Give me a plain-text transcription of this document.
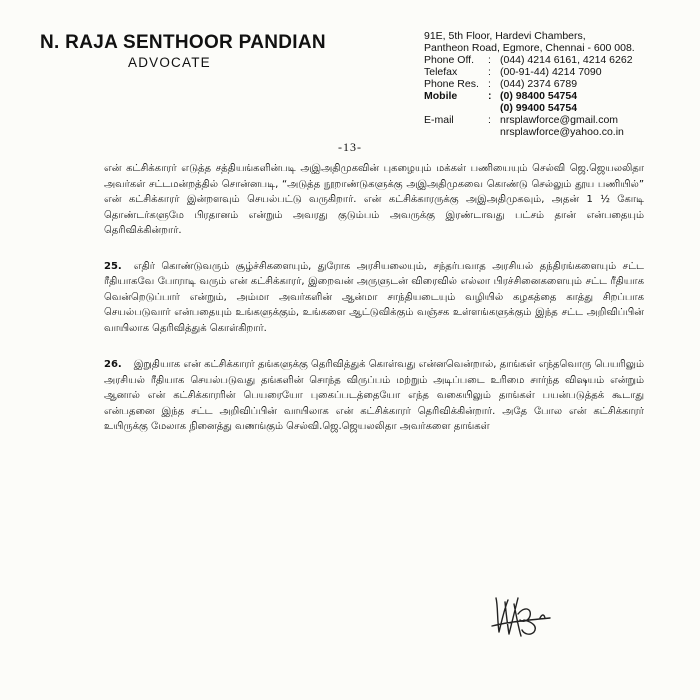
N. RAJA SENTHOOR PANDIAN
ADVOCATE
91E, 5th Floor, Hardevi Chambers,
Pantheon Road, Egmore, Chennai - 600 008.
Phone Off.	: (044) 4214 6161, 4214 6262
Telefax	: (00-91-44) 4214 7090
Phone Res. : (044) 2374 6789
Mobile	: (0) 98400 54754
(0) 99400 54754
E-mail	: nrsplawforce@gmail.com
nrsplawforce@yahoo.co.in
-13-
என் கட்சிக்காரர் எடுத்த சத்தியங்களின்படி அஇஅதிமுகவின் புகழையும் மக்கள் பணியையும் செல்வி ஜெ.ஜெயலலிதா அவர்கள் சட்டமன்றத்தில் சொன்னபடி, “அடுத்த நூறாண்டுகளுக்கு அஇஅதிமுகவை கொண்டு செல்லும் தூய பணியில்” என் கட்சிக்காரர் இன்றளவும் செயல்பட்டு வருகிறார். என் கட்சிக்காரருக்கு அஇஅதிமுகவும், அதன் 1 ½ கோடி தொண்டர்களுமே பிரதானம் என்றும் அவரது குடும்பம் அவருக்கு இரண்டாவது பட்சம் தான் என்பதையும் தெரிவிக்கின்றார்.
25. எதிர் கொண்டுவரும் சூழ்ச்சிகளையும், துரோக அரசியலையும், சந்தர்பவாத அரசியல் தந்திரங்களையும் சட்ட ரீதியாகவே போராடி வரும் என் கட்சிக்காரர், இறைவன் அருளுடன் விரைவில் எல்லா பிரச்சினைகளையும் சட்ட ரீதியாக வென்றெடுப்பார் என்றும், அம்மா அவர்களின் ஆன்மா சாந்தியடையும் வழியில் கழகத்தை காத்து சிறப்பாக செயல்படுவார் என்பதையும் உங்களுக்கும், உங்களை ஆட்டுவிக்கும் வஞ்சக உள்ளங்களுக்கும் இந்த சட்ட அறிவிப்பின் வாயிலாக தெரிவித்துக் கொள்கிறார்.
26. இறுதியாக என் கட்சிக்காரர் தங்களுக்கு தெரிவித்துக் கொள்வது என்னவென்றால், தாங்கள் எந்தவொரு பெயரிலும் அரசியல் ரீதியாக செயல்படுவது தங்களின் சொந்த விருப்பம் மற்றும் அடிப்படை உரிமை சார்ந்த விஷயம் என்றும் ஆனால் என் கட்சிக்காரரின் பெயரையோ புகைப்படத்தையோ எந்த வகையிலும் தாங்கள் பயன்படுத்தக் கூடாது என்பதனை இந்த சட்ட அறிவிப்பின் வாயிலாக என் கட்சிக்காரர் தெரிவிக்கின்றார். அதே போல என் கட்சிக்காரர் உயிருக்கு மேலாக நினைத்து வணங்கும் செல்வி.ஜெ.ஜெயலலிதா அவர்களை தாங்கள்
